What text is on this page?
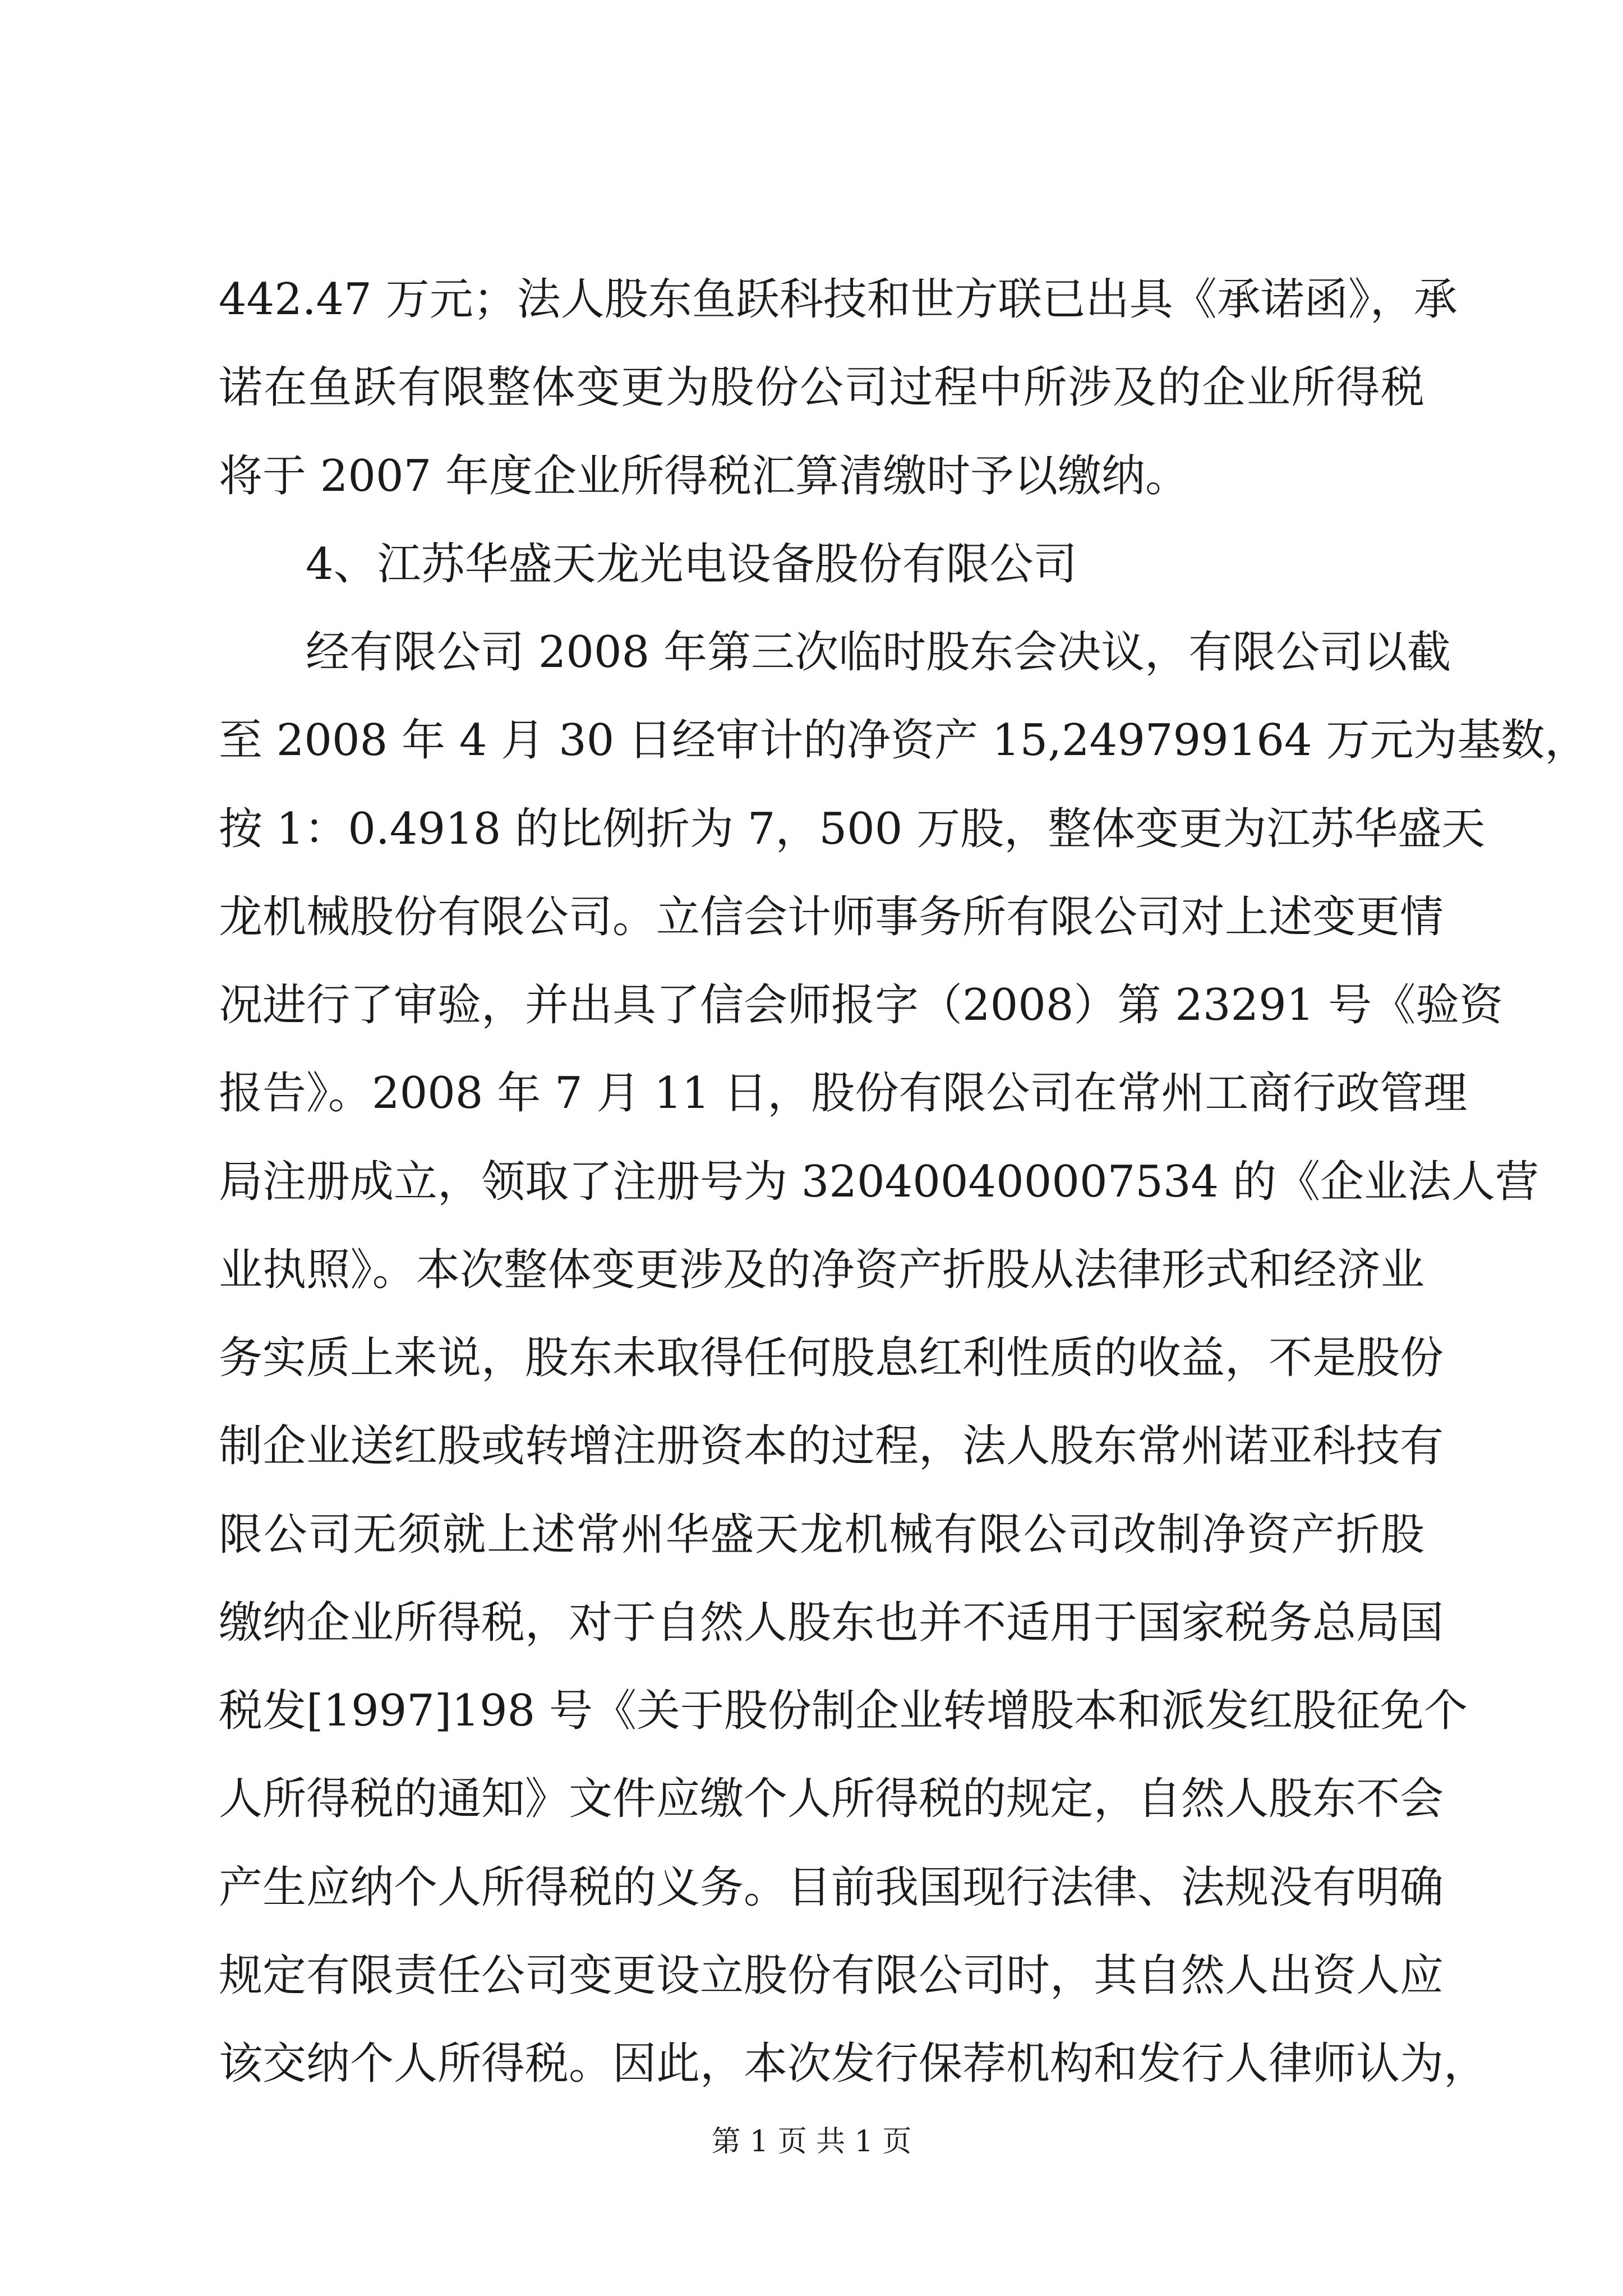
442.47 万元；法人股东鱼跃科技和世方联已出具《承诺函》，承
诺在鱼跃有限整体变更为股份公司过程中所涉及的企业所得税
将于 2007 年度企业所得税汇算清缴时予以缴纳。
4、江苏华盛天龙光电设备股份有限公司
经有限公司 2008 年第三次临时股东会决议，有限公司以截
至 2008 年 4 月 30 日经审计的净资产 15,249799164 万元为基数，
按 1：0.4918 的比例折为 7，500 万股，整体变更为江苏华盛天
龙机械股份有限公司。立信会计师事务所有限公司对上述变更情
况进行了审验，并出具了信会师报字（2008）第 23291 号《验资
报告》。2008 年 7 月 11 日，股份有限公司在常州工商行政管理
局注册成立，领取了注册号为 320400400007534 的《企业法人营
业执照》。本次整体变更涉及的净资产折股从法律形式和经济业
务实质上来说，股东未取得任何股息红利性质的收益，不是股份
制企业送红股或转增注册资本的过程，法人股东常州诺亚科技有
限公司无须就上述常州华盛天龙机械有限公司改制净资产折股
缴纳企业所得税，对于自然人股东也并不适用于国家税务总局国
税发[1997]198 号《关于股份制企业转增股本和派发红股征免个
人所得税的通知》文件应缴个人所得税的规定，自然人股东不会
产生应纳个人所得税的义务。目前我国现行法律、法规没有明确
规定有限责任公司变更设立股份有限公司时，其自然人出资人应
该交纳个人所得税。因此，本次发行保荐机构和发行人律师认为，
第 1 页 共 1 页
